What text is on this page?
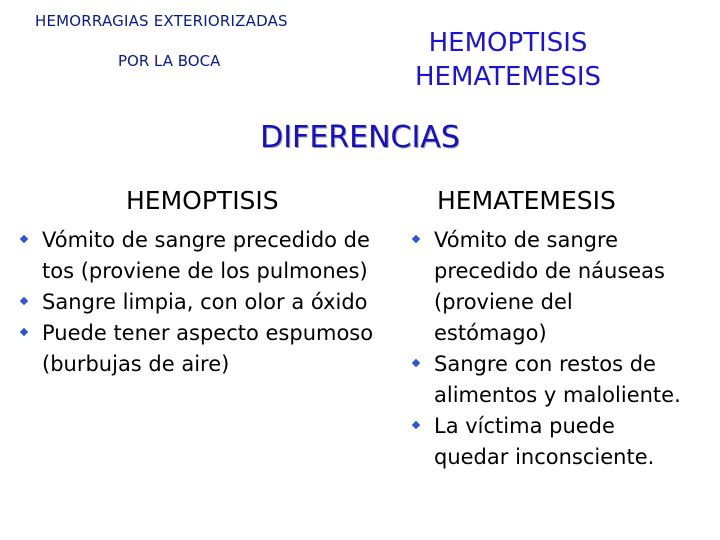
HEMORRAGIAS EXTERIORIZADAS
POR LA BOCA
HEMOPTISIS
HEMATEMESIS
DIFERENCIAS
HEMOPTISIS	HEMATEMESIS
Vómito de sangre precedido de tos (proviene de los pulmones)
Sangre limpia, con olor a óxido
Puede tener aspecto espumoso (burbujas de aire)
Vómito de sangre precedido de náuseas (proviene del estómago)
Sangre con restos de alimentos y maloliente.
La víctima puede quedar inconsciente.
